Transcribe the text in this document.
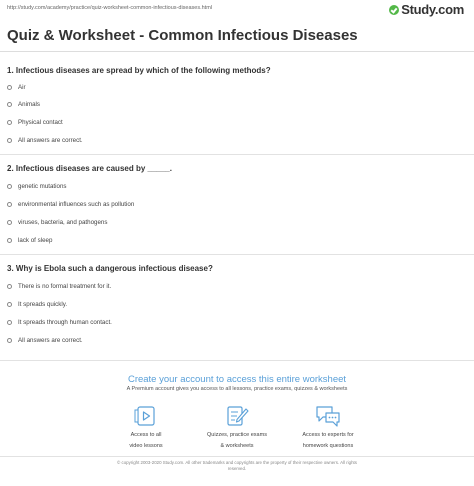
http://study.com/academy/practice/quiz-worksheet-common-infectious-diseases.html	Study.com
Quiz & Worksheet - Common Infectious Diseases
1. Infectious diseases are spread by which of the following methods?
Air
Animals
Physical contact
All answers are correct.
2. Infectious diseases are caused by _____.
genetic mutations
environmental influences such as pollution
viruses, bacteria, and pathogens
lack of sleep
3. Why is Ebola such a dangerous infectious disease?
There is no formal treatment for it.
It spreads quickly.
It spreads through human contact.
All answers are correct.
Create your account to access this entire worksheet
A Premium account gives you access to all lessons, practice exams, quizzes & worksheets
Access to all
video lessons
Quizzes, practice exams
& worksheets
Access to experts for
homework questions
© copyright 2003-2020 Study.com. All other trademarks and copyrights are the property of their respective owners. All rights
reserved.
